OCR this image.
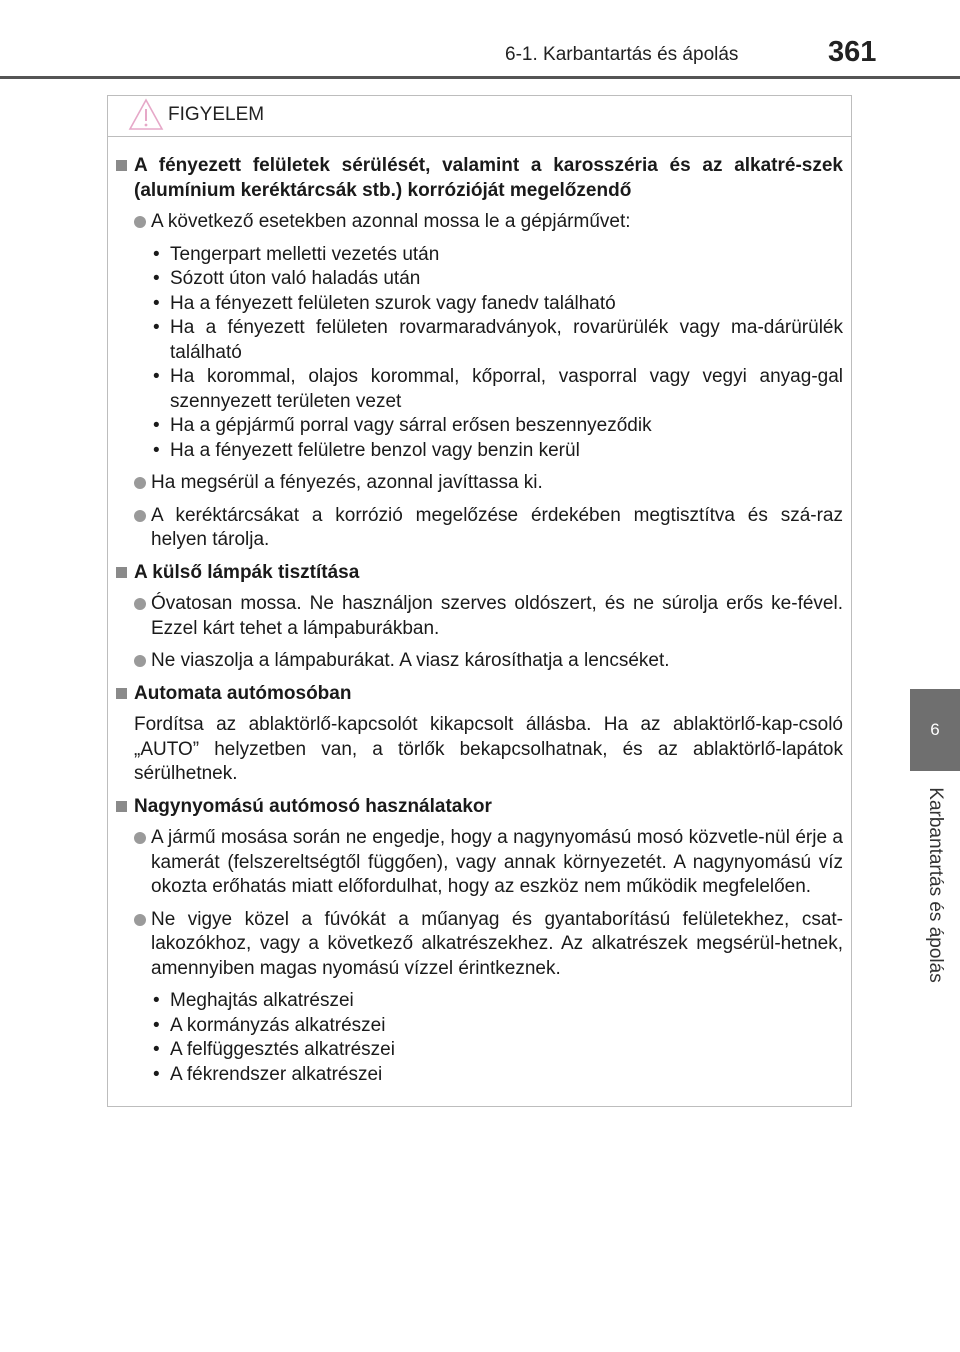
6-1. Karbantartás és ápolás	361
6
Karbantartás és ápolás
FIGYELEM
A fényezett felületek sérülését, valamint a karosszéria és az alkatré-szek (alumínium keréktárcsák stb.) korrózióját megelőzendő
A következő esetekben azonnal mossa le a gépjárművet:
• Tengerpart melletti vezetés után
• Sózott úton való haladás után
• Ha a fényezett felületen szurok vagy fanedv található
• Ha a fényezett felületen rovarmaradványok, rovarürülék vagy ma-dárürülék található
• Ha korommal, olajos korommal, kőporral, vasporral vagy vegyi anyag-gal szennyezett területen vezet
• Ha a gépjármű porral vagy sárral erősen beszennyeződik
• Ha a fényezett felületre benzol vagy benzin kerül
Ha megsérül a fényezés, azonnal javíttassa ki.
A keréktárcsákat a korrózió megelőzése érdekében megtisztítva és szá-raz helyen tárolja.
A külső lámpák tisztítása
Óvatosan mossa. Ne használjon szerves oldószert, és ne súrolja erős ke-fével. Ezzel kárt tehet a lámpaburákban.
Ne viaszolja a lámpaburákat. A viasz károsíthatja a lencséket.
Automata autómosóban
Fordítsa az ablaktörlő-kapcsolót kikapcsolt állásba. Ha az ablaktörlő-kap-csoló „AUTO” helyzetben van, a törlők bekapcsolhatnak, és az ablaktörlő-lapátok sérülhetnek.
Nagynyomású autómosó használatakor
A jármű mosása során ne engedje, hogy a nagynyomású mosó közvetle-nül érje a kamerát (felszereltségtől függően), vagy annak környezetét. A nagynyomású víz okozta erőhatás miatt előfordulhat, hogy az eszköz nem működik megfelelően.
Ne vigye közel a fúvókát a műanyag és gyantaborítású felületekhez, csat-lakozókhoz, vagy a következő alkatrészekhez. Az alkatrészek megsérül-hetnek, amennyiben magas nyomású vízzel érintkeznek.
• Meghajtás alkatrészei
• A kormányzás alkatrészei
• A felfüggesztés alkatrészei
• A fékrendszer alkatrészei
